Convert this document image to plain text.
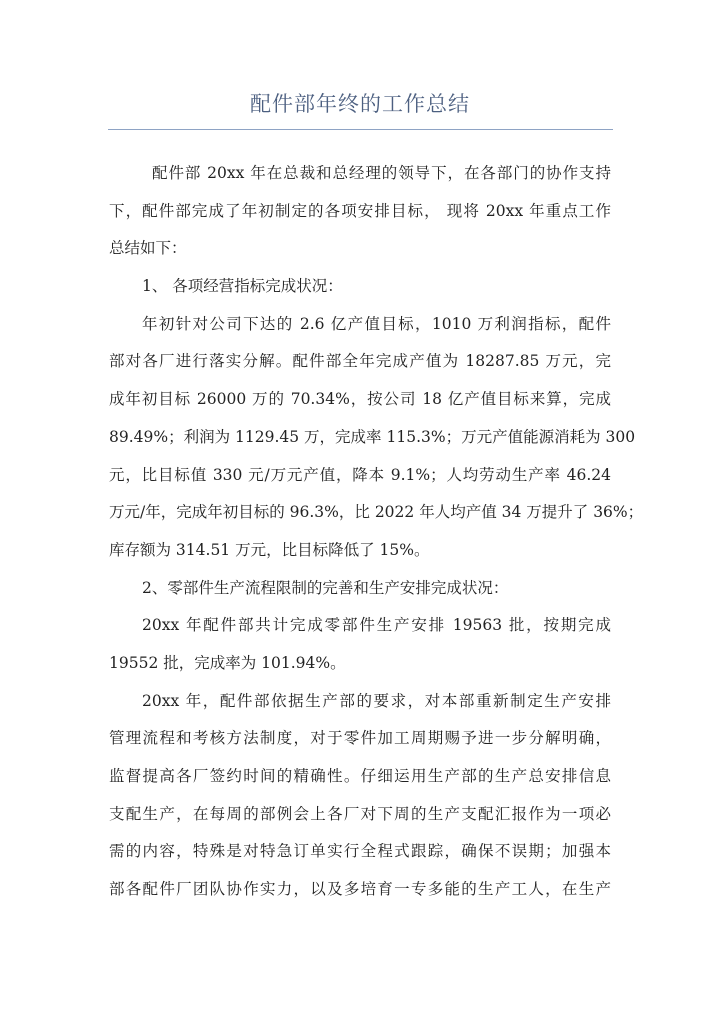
配件部年终的工作总结
配件部 20xx 年在总裁和总经理的领导下，在各部门的协作支持
下，配件部完成了年初制定的各项安排目标， 现将 20xx 年重点工作
总结如下：
1、 各项经营指标完成状况：
年初针对公司下达的 2.6 亿产值目标，1010 万利润指标，配件
部对各厂进行落实分解。配件部全年完成产值为 18287.85 万元，完
成年初目标 26000 万的 70.34%，按公司 18 亿产值目标来算，完成
89.49%；利润为 1129.45 万，完成率 115.3%；万元产值能源消耗为 300
元，比目标值 330 元/万元产值，降本 9.1%；人均劳动生产率 46.24
万元/年，完成年初目标的 96.3%，比 2022 年人均产值 34 万提升了 36%；
库存额为 314.51 万元，比目标降低了 15%。
2、零部件生产流程限制的完善和生产安排完成状况：
20xx 年配件部共计完成零部件生产安排 19563 批，按期完成
19552 批，完成率为 101.94%。
20xx 年，配件部依据生产部的要求，对本部重新制定生产安排
管理流程和考核方法制度，对于零件加工周期赐予进一步分解明确，
监督提高各厂签约时间的精确性。仔细运用生产部的生产总安排信息
支配生产，在每周的部例会上各厂对下周的生产支配汇报作为一项必
需的内容，特殊是对特急订单实行全程式跟踪，确保不误期；加强本
部各配件厂团队协作实力，以及多培育一专多能的生产工人，在生产
